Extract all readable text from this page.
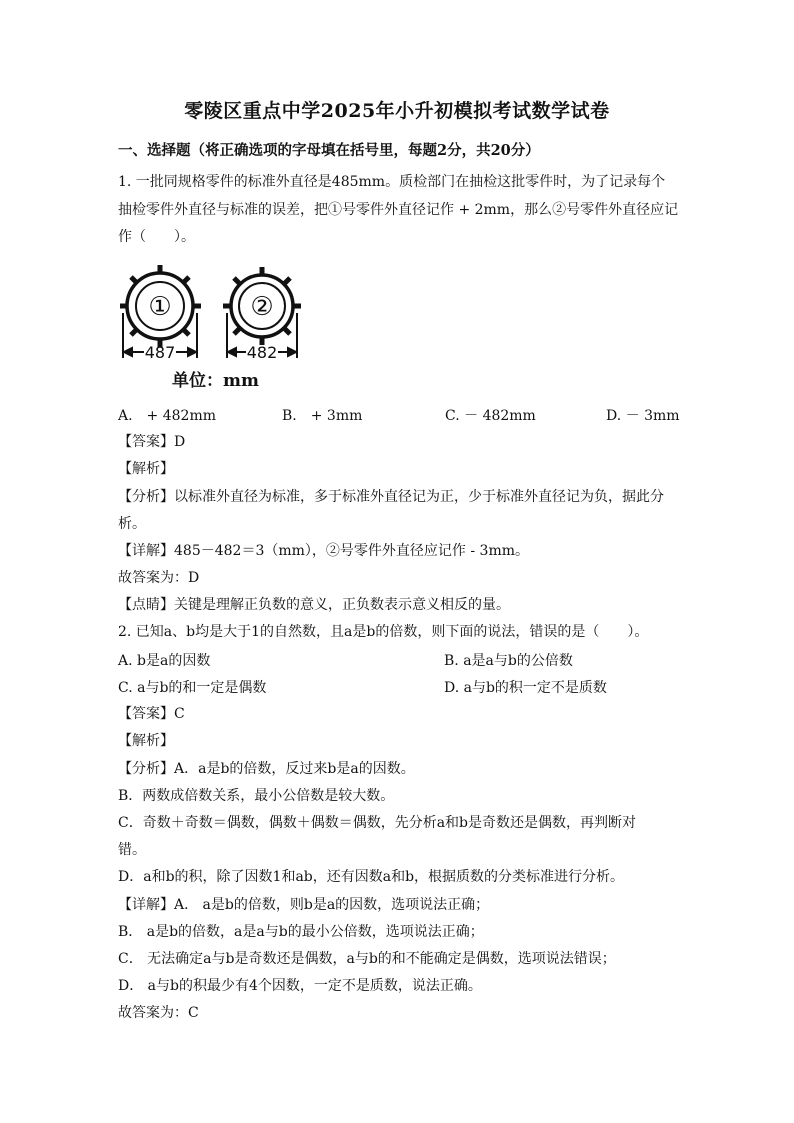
零陵区重点中学2025年小升初模拟考试数学试卷
一、选择题（将正确选项的字母填在括号里，每题2分，共20分）
1. 一批同规格零件的标准外直径是485mm。质检部门在抽检这批零件时，为了记录每个
抽检零件外直径与标准的误差，把①号零件外直径记作 + 2mm，那么②号零件外直径应记
作（　　）。
①	②
487	482
单位：mm
A.　+ 482mm	B.　+ 3mm	C. － 482mm	D. － 3mm
【答案】D
【解析】
【分析】以标准外直径为标准，多于标准外直径记为正，少于标准外直径记为负，据此分
析。
【详解】485－482＝3（mm），②号零件外直径应记作 - 3mm。
故答案为：D
【点睛】关键是理解正负数的意义，正负数表示意义相反的量。
2. 已知a、b均是大于1的自然数，且a是b的倍数，则下面的说法，错误的是（　　）。
A. b是a的因数	B. a是a与b的公倍数
C. a与b的和一定是偶数	D. a与b的积一定不是质数
【答案】C
【解析】
【分析】A．a是b的倍数，反过来b是a的因数。
B．两数成倍数关系，最小公倍数是较大数。
C．奇数＋奇数＝偶数，偶数＋偶数＝偶数，先分析a和b是奇数还是偶数，再判断对
错。
D．a和b的积，除了因数1和ab，还有因数a和b，根据质数的分类标准进行分析。
【详解】A． a是b的倍数，则b是a的因数，选项说法正确；
B． a是b的倍数，a是a与b的最小公倍数，选项说法正确；
C． 无法确定a与b是奇数还是偶数，a与b的和不能确定是偶数，选项说法错误；
D． a与b的积最少有4个因数，一定不是质数，说法正确。
故答案为：C
